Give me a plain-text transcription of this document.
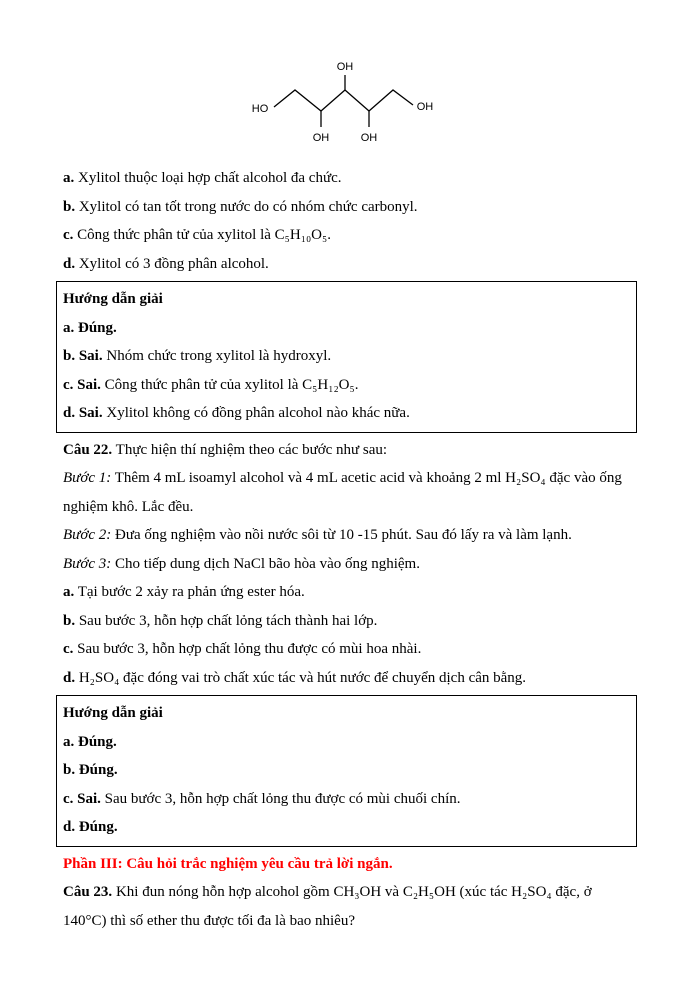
HO
OH
OH	OH
OH
a. Xylitol thuộc loại hợp chất alcohol đa chức.
b. Xylitol có tan tốt trong nước do có nhóm chức carbonyl.
c. Công thức phân tử của xylitol là C₅H₁₀O₅.
d. Xylitol có 3 đồng phân alcohol.
Hướng dẫn giải
a. Đúng.
b. Sai. Nhóm chức trong xylitol là hydroxyl.
c. Sai. Công thức phân tử của xylitol là C₅H₁₂O₅.
d. Sai. Xylitol không có đồng phân alcohol nào khác nữa.
Câu 22. Thực hiện thí nghiệm theo các bước như sau:
Bước 1: Thêm 4 mL isoamyl alcohol và 4 mL acetic acid và khoảng 2 ml H₂SO₄ đặc vào ống nghiệm khô. Lắc đều.
Bước 2: Đưa ống nghiệm vào nồi nước sôi từ 10 -15 phút. Sau đó lấy ra và làm lạnh.
Bước 3: Cho tiếp dung dịch NaCl bão hòa vào ống nghiệm.
a. Tại bước 2 xảy ra phản ứng ester hóa.
b. Sau bước 3, hỗn hợp chất lỏng tách thành hai lớp.
c. Sau bước 3, hỗn hợp chất lỏng thu được có mùi hoa nhài.
d. H₂SO₄ đặc đóng vai trò chất xúc tác và hút nước để chuyển dịch cân bằng.
Hướng dẫn giải
a. Đúng.
b. Đúng.
c. Sai. Sau bước 3, hỗn hợp chất lỏng thu được có mùi chuối chín.
d. Đúng.
Phần III: Câu hỏi trắc nghiệm yêu cầu trả lời ngắn.
Câu 23. Khi đun nóng hỗn hợp alcohol gồm CH₃OH và C₂H₅OH (xúc tác H₂SO₄ đặc, ở 140°C) thì số ether thu được tối đa là bao nhiêu?
